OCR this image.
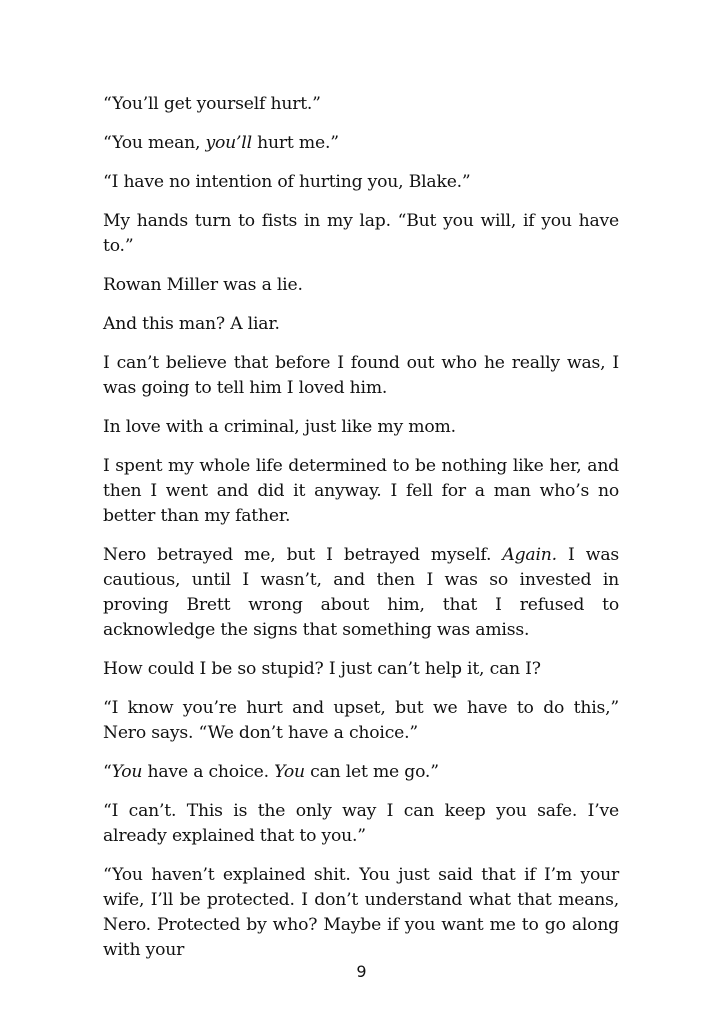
“You’ll get yourself hurt.”

“You mean, you’ll hurt me.”

“I have no intention of hurting you, Blake.”

My hands turn to fists in my lap. “But you will, if you have to.”

Rowan Miller was a lie.

And this man? A liar.

I can’t believe that before I found out who he really was, I was going to tell him I loved him.

In love with a criminal, just like my mom.

I spent my whole life determined to be nothing like her, and then I went and did it anyway. I fell for a man who’s no better than my father.

Nero betrayed me, but I betrayed myself. Again. I was cautious, until I wasn’t, and then I was so invested in proving Brett wrong about him, that I refused to acknowledge the signs that something was amiss.

How could I be so stupid? I just can’t help it, can I?

“I know you’re hurt and upset, but we have to do this,” Nero says. “We don’t have a choice.”

“You have a choice. You can let me go.”

“I can’t. This is the only way I can keep you safe. I’ve already explained that to you.”

“You haven’t explained shit. You just said that if I’m your wife, I’ll be protected. I don’t understand what that means, Nero. Protected by who? Maybe if you want me to go along with your

9
